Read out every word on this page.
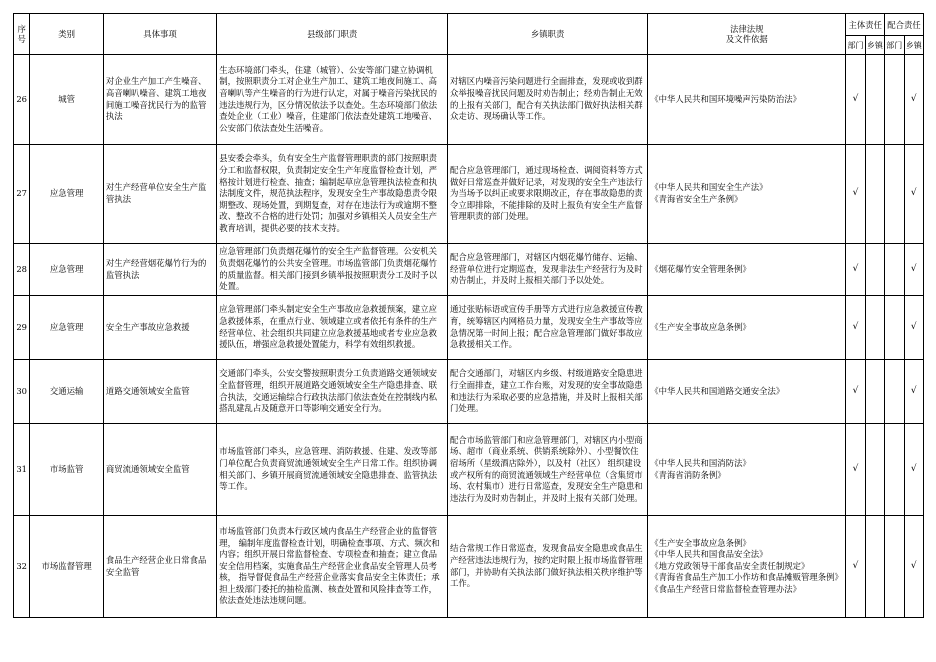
序号	类别	具体事项	县级部门职责	乡镇职责	法律法规
及文件依据	主体责任		配合责任	
						部门	乡镇	部门	乡镇
26	城管	对企业生产加工产生噪音、高音喇叭噪音、建筑工地夜间施工噪音扰民行为的监管执法	生态环境部门牵头，住建（城管）、公安等部门建立协调机制，按照职责分工对企业生产加工、建筑工地夜间施工、高音喇叭等产生噪音的行为进行认定，对属于噪音污染扰民的违法违规行为，区分情况依法予以查处。生态环境部门依法查处企业（工业）噪音，住建部门依法查处建筑工地噪音、公安部门依法查处生活噪音。	对辖区内噪音污染问题进行全面排查，发现或收到群众举报噪音扰民问题及时劝告制止；经劝告制止无效的上报有关部门，配合有关执法部门做好执法相关群众走访、现场确认等工作。	《中华人民共和国环境噪声污染防治法》	√			√
27	应急管理	对生产经营单位安全生产监管执法	县安委会牵头，负有安全生产监督管理职责的部门按照职责分工和监督权限，负责制定安全生产年度监督检查计划，严格按计划进行检查、抽查；编制起草应急管理执法检查和执法制度文件，规范执法程序，发现安全生产事故隐患责令限期整改、现场处置，到期复查，对存在违法行为或逾期不整改、整改不合格的进行处罚；加强对乡镇相关人员安全生产教育培训，提供必要的技术支持。	配合应急管理部门，通过现场检查、调阅资料等方式做好日常巡查并做好记录，对发现的安全生产违法行为当场予以纠正或要求限期改正，存在事故隐患的责令立即排除，不能排除的及时上报负有安全生产监督管理职责的部门处理。	《中华人民共和国安全生产法》
《青海省安全生产条例》	√			√
28	应急管理	对生产经营烟花爆竹行为的监管执法	应急管理部门负责烟花爆竹的安全生产监督管理。公安机关负责烟花爆竹的公共安全管理。市场监管部门负责烟花爆竹的质量监督。相关部门接到乡镇举报按照职责分工及时予以处置。	配合应急管理部门，对辖区内烟花爆竹储存、运输、经营单位进行定期巡查，发现非法生产经营行为及时劝告制止，并及时上报相关部门予以处处。	《烟花爆竹安全管理条例》	√			√
29	应急管理	安全生产事故应急救援	应急管理部门牵头制定安全生产事故应急救援预案，建立应急救援体系，在重点行业、领域建立或者依托有条件的生产经营单位、社会组织共同建立应急救援基地或者专业应急救援队伍，增强应急救援处置能力，科学有效组织救援。	通过张贴标语或宣传手册等方式进行应急救援宣传教育，统筹辖区内网格员力量，发现安全生产事故等应急情况第一时间上报；配合应急管理部门做好事故应急救援相关工作。	《生产安全事故应急条例》	√			√
30	交通运输	道路交通领域安全监管	交通部门牵头，公安交警按照职责分工负责道路交通领域安全监督管理，组织开展道路交通领域安全生产隐患排查、联合执法，交通运输综合行政执法部门依法查处在控制线内私搭乱建乱占及随意开口等影响交通安全行为。	配合交通部门，对辖区内乡级、村级道路安全隐患进行全面排查，建立工作台账，对发现的安全事故隐患和违法行为采取必要的应急措施，并及时上报相关部门处理。	《中华人民共和国道路交通安全法》	√			√
31	市场监管	商贸流通领域安全监管	市场监管部门牵头，应急管理、消防救援、住建、发改等部门单位配合负责商贸流通领域安全生产日常工作。组织协调相关部门、乡镇开展商贸流通领域安全隐患排查、监管执法等工作。	配合市场监管部门和应急管理部门，对辖区内小型商场、超市（商业系统、供销系统除外）、小型餐饮住宿场所（星级酒店除外），以及村（社区） 组织建设或产权所有的商贸流通领域生产经营单位（含集贸市场、农村集市）进行日常巡查，发现安全生产隐患和违法行为及时劝告制止，并及时上报有关部门处理。	《中华人民共和国消防法》
《青海省消防条例》	√			√
32	市场监督管理	食品生产经营企业日常食品安全监管	市场监管部门负责本行政区域内食品生产经营企业的监督管理， 编制年度监督检查计划，明确检查事项、方式、频次和内容；组织开展日常监督检查、专项检查和抽查；建立食品安全信用档案，实施食品生产经营企业食品安全管理人员考核， 指导督促食品生产经营企业落实食品安全主体责任；承担上级部门委托的抽检监测、核查处置和风险排查等工作，依法查处违法违规问题。	结合常规工作日常巡查，发现食品安全隐患或食品生产经营违法违规行为，按约定时限上报市场监督管理部门，并协助有关执法部门做好执法相关秩序维护等工作。	《生产安全事故应急条例》
《中华人民共和国食品安全法》
《地方党政领导干部食品安全责任制规定》
《青海省食品生产加工小作坊和食品摊贩管理条例》
《食品生产经营日常监督检查管理办法》	√			√
